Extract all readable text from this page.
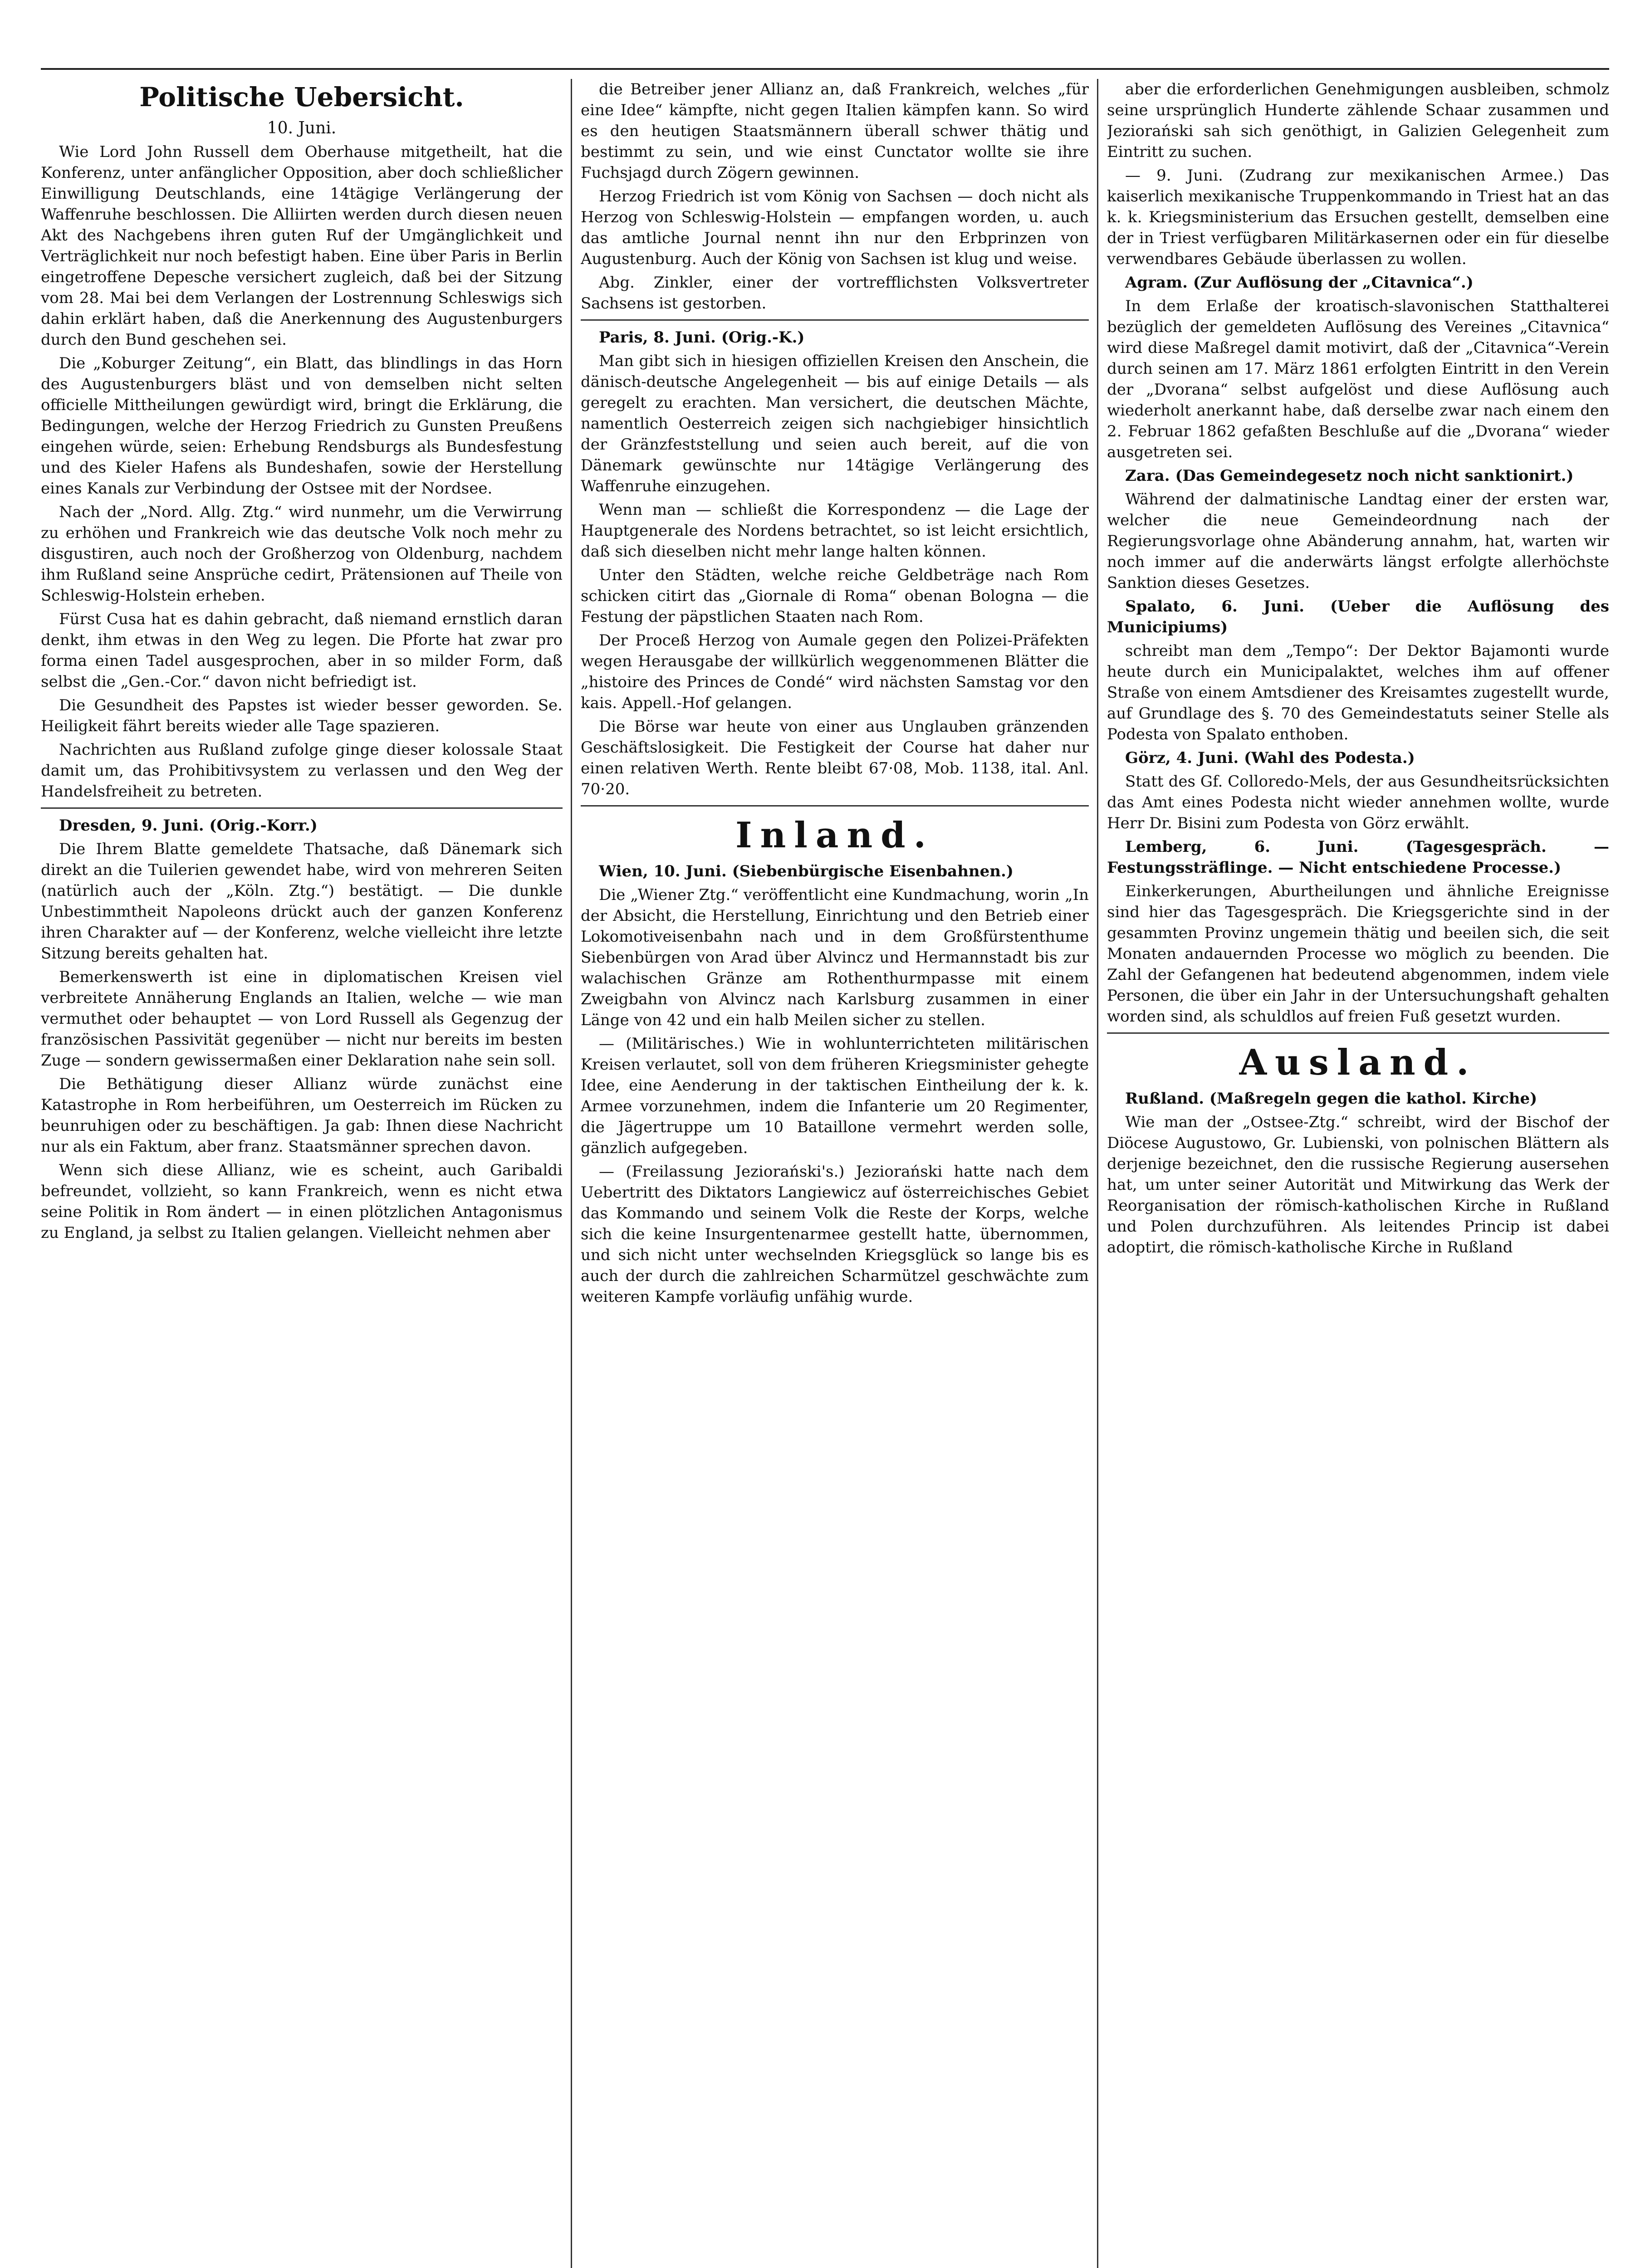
Politische Uebersicht.

10. Juni.

Wie Lord John Russell dem Oberhause mitgetheilt, hat die Konferenz, unter anfänglicher Opposition, aber doch schließlicher Einwilligung Deutschlands, eine 14tägige Verlängerung der Waffenruhe beschlossen. Die Alliirten werden durch diesen neuen Akt des Nachgebens ihren guten Ruf der Umgänglichkeit und Verträglichkeit nur noch befestigt haben. Eine über Paris in Berlin eingetroffene Depesche versichert zugleich, daß bei der Sitzung vom 28. Mai bei dem Verlangen der Lostrennung Schleswigs sich dahin erklärt haben, daß die Anerkennung des Augustenburgers durch den Bund geschehen sei.

Die „Koburger Zeitung“, ein Blatt, das blindlings in das Horn des Augustenburgers bläst und von demselben nicht selten officielle Mittheilungen gewürdigt wird, bringt die Erklärung, die Bedingungen, welche der Herzog Friedrich zu Gunsten Preußens eingehen würde, seien: Erhebung Rendsburgs als Bundesfestung und des Kieler Hafens als Bundeshafen, sowie der Herstellung eines Kanals zur Verbindung der Ostsee mit der Nordsee.

Nach der „Nord. Allg. Ztg.“ wird nunmehr, um die Verwirrung zu erhöhen und Frankreich wie das deutsche Volk noch mehr zu disgustiren, auch noch der Großherzog von Oldenburg, nachdem ihm Rußland seine Ansprüche cedirt, Prätensionen auf Theile von Schleswig-Holstein erheben.

Fürst Cusa hat es dahin gebracht, daß niemand ernstlich daran denkt, ihm etwas in den Weg zu legen. Die Pforte hat zwar pro forma einen Tadel ausgesprochen, aber in so milder Form, daß selbst die „Gen.-Cor.“ davon nicht befriedigt ist.

Die Gesundheit des Papstes ist wieder besser geworden. Se. Heiligkeit fährt bereits wieder alle Tage spazieren.

Nachrichten aus Rußland zufolge ginge dieser kolossale Staat damit um, das Prohibitivsystem zu verlassen und den Weg der Handelsfreiheit zu betreten.

Dresden, 9. Juni. (Orig.-Korr.)

Die Ihrem Blatte gemeldete Thatsache, daß Dänemark sich direkt an die Tuilerien gewendet habe, wird von mehreren Seiten (natürlich auch der „Köln. Ztg.“) bestätigt. — Die dunkle Unbestimmtheit Napoleons drückt auch der ganzen Konferenz ihren Charakter auf — der Konferenz, welche vielleicht ihre letzte Sitzung bereits gehalten hat.

Bemerkenswerth ist eine in diplomatischen Kreisen viel verbreitete Annäherung Englands an Italien, welche — wie man vermuthet oder behauptet — von Lord Russell als Gegenzug der französischen Passivität gegenüber — nicht nur bereits im besten Zuge — sondern gewissermaßen einer Deklaration nahe sein soll.

Die Bethätigung dieser Allianz würde zunächst eine Katastrophe in Rom herbeiführen, um Oesterreich im Rücken zu beunruhigen oder zu beschäftigen. Ja gab: Ihnen diese Nachricht nur als ein Faktum, aber franz. Staatsmänner sprechen davon.

Wenn sich diese Allianz, wie es scheint, auch Garibaldi befreundet, vollzieht, so kann Frankreich, wenn es nicht etwa seine Politik in Rom ändert — in einen plötzlichen Antagonismus zu England, ja selbst zu Italien gelangen. Vielleicht nehmen aber

die Betreiber jener Allianz an, daß Frankreich, welches „für eine Idee“ kämpfte, nicht gegen Italien kämpfen kann. So wird es den heutigen Staatsmännern überall schwer thätig und bestimmt zu sein, und wie einst Cunctator wollte sie ihre Fuchsjagd durch Zögern gewinnen.

Herzog Friedrich ist vom König von Sachsen — doch nicht als Herzog von Schleswig-Holstein — empfangen worden, u. auch das amtliche Journal nennt ihn nur den Erbprinzen von Augustenburg. Auch der König von Sachsen ist klug und weise.

Abg. Zinkler, einer der vortrefflichsten Volksvertreter Sachsens ist gestorben.

Paris, 8. Juni. (Orig.-K.)

Man gibt sich in hiesigen offiziellen Kreisen den Anschein, die dänisch-deutsche Angelegenheit — bis auf einige Details — als geregelt zu erachten. Man versichert, die deutschen Mächte, namentlich Oesterreich zeigen sich nachgiebiger hinsichtlich der Gränzfeststellung und seien auch bereit, auf die von Dänemark gewünschte nur 14tägige Verlängerung des Waffenruhe einzugehen.

Wenn man — schließt die Korrespondenz — die Lage der Hauptgenerale des Nordens betrachtet, so ist leicht ersichtlich, daß sich dieselben nicht mehr lange halten können.

Unter den Städten, welche reiche Geldbeträge nach Rom schicken citirt das „Giornale di Roma“ obenan Bologna — die Festung der päpstlichen Staaten nach Rom.

Der Proceß Herzog von Aumale gegen den Polizei-Präfekten wegen Herausgabe der willkürlich weggenommenen Blätter die „histoire des Princes de Condé“ wird nächsten Samstag vor den kais. Appell.-Hof gelangen.

Die Börse war heute von einer aus Unglauben gränzenden Geschäftslosigkeit. Die Festigkeit der Course hat daher nur einen relativen Werth. Rente bleibt 67·08, Mob. 1138, ital. Anl. 70·20.

Inland.

Wien, 10. Juni. (Siebenbürgische Eisenbahnen.)

Die „Wiener Ztg.“ veröffentlicht eine Kundmachung, worin „In der Absicht, die Herstellung, Einrichtung und den Betrieb einer Lokomotiveisenbahn nach und in dem Großfürstenthume Siebenbürgen von Arad über Alvincz und Hermannstadt bis zur walachischen Gränze am Rothenthurmpasse mit einem Zweigbahn von Alvincz nach Karlsburg zusammen in einer Länge von 42 und ein halb Meilen sicher zu stellen.

— (Militärisches.) Wie in wohlunterrichteten militärischen Kreisen verlautet, soll von dem früheren Kriegsminister gehegte Idee, eine Aenderung in der taktischen Eintheilung der k. k. Armee vorzunehmen, indem die Infanterie um 20 Regimenter, die Jägertruppe um 10 Bataillone vermehrt werden solle, gänzlich aufgegeben.

— (Freilassung Jeziorański's.) Jeziorański hatte nach dem Uebertritt des Diktators Langiewicz auf österreichisches Gebiet das Kommando und seinem Volk die Reste der Korps, welche sich die keine Insurgentenarmee gestellt hatte, übernommen, und sich nicht unter wechselnden Kriegsglück so lange bis es auch der durch die zahlreichen Scharmützel geschwächte zum weiteren Kampfe vorläufig unfähig wurde.

aber die erforderlichen Genehmigungen ausbleiben, schmolz seine ursprünglich Hunderte zählende Schaar zusammen und Jeziorański sah sich genöthigt, in Galizien Gelegenheit zum Eintritt zu suchen.

— 9. Juni. (Zudrang zur mexikanischen Armee.) Das kaiserlich mexikanische Truppenkommando in Triest hat an das k. k. Kriegsministerium das Ersuchen gestellt, demselben eine der in Triest verfügbaren Militärkasernen oder ein für dieselbe verwendbares Gebäude überlassen zu wollen.

Agram. (Zur Auflösung der „Citavnica“.)

In dem Erlaße der kroatisch-slavonischen Statthalterei bezüglich der gemeldeten Auflösung des Vereines „Citavnica“ wird diese Maßregel damit motivirt, daß der „Citavnica“-Verein durch seinen am 17. März 1861 erfolgten Eintritt in den Verein der „Dvorana“ selbst aufgelöst und diese Auflösung auch wiederholt anerkannt habe, daß derselbe zwar nach einem den 2. Februar 1862 gefaßten Beschluße auf die „Dvorana“ wieder ausgetreten sei.

Zara. (Das Gemeindegesetz noch nicht sanktionirt.)

Während der dalmatinische Landtag einer der ersten war, welcher die neue Gemeindeordnung nach der Regierungsvorlage ohne Abänderung annahm, hat, warten wir noch immer auf die anderwärts längst erfolgte allerhöchste Sanktion dieses Gesetzes.

Spalato, 6. Juni. (Ueber die Auflösung des Municipiums)

schreibt man dem „Tempo“: Der Dektor Bajamonti wurde heute durch ein Municipalaktet, welches ihm auf offener Straße von einem Amtsdiener des Kreisamtes zugestellt wurde, auf Grundlage des §. 70 des Gemeindestatuts seiner Stelle als Podesta von Spalato enthoben.

Görz, 4. Juni. (Wahl des Podesta.)

Statt des Gf. Colloredo-Mels, der aus Gesundheitsrücksichten das Amt eines Podesta nicht wieder annehmen wollte, wurde Herr Dr. Bisini zum Podesta von Görz erwählt.

Lemberg, 6. Juni. (Tagesgespräch. — Festungssträflinge. — Nicht entschiedene Processe.)

Einkerkerungen, Aburtheilungen und ähnliche Ereignisse sind hier das Tagesgespräch. Die Kriegsgerichte sind in der gesammten Provinz ungemein thätig und beeilen sich, die seit Monaten andauernden Processe wo möglich zu beenden. Die Zahl der Gefangenen hat bedeutend abgenommen, indem viele Personen, die über ein Jahr in der Untersuchungshaft gehalten worden sind, als schuldlos auf freien Fuß gesetzt wurden.

Ausland.

Rußland. (Maßregeln gegen die kathol. Kirche)

Wie man der „Ostsee-Ztg.“ schreibt, wird der Bischof der Diöcese Augustowo, Gr. Lubienski, von polnischen Blättern als derjenige bezeichnet, den die russische Regierung ausersehen hat, um unter seiner Autorität und Mitwirkung das Werk der Reorganisation der römisch-katholischen Kirche in Rußland und Polen durchzuführen. Als leitendes Princip ist dabei adoptirt, die römisch-katholische Kirche in Rußland
